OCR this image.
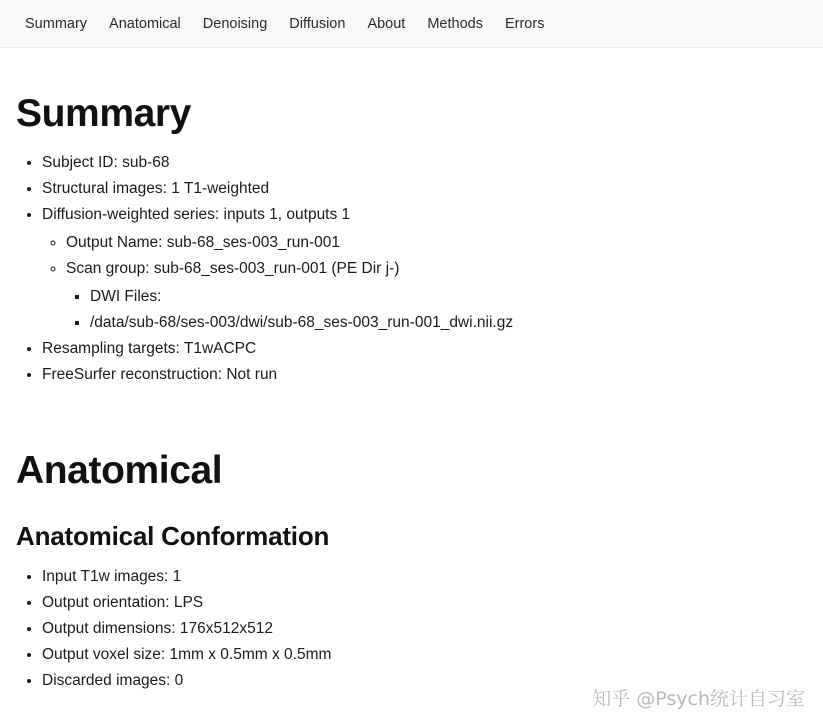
Summary	Anatomical	Denoising	Diffusion	About	Methods	Errors
Summary
• Subject ID: sub-68
• Structural images: 1 T1-weighted
• Diffusion-weighted series: inputs 1, outputs 1
◦ Output Name: sub-68_ses-003_run-001
◦ Scan group: sub-68_ses-003_run-001 (PE Dir j-)
▪ DWI Files:
▪ /data/sub-68/ses-003/dwi/sub-68_ses-003_run-001_dwi.nii.gz
• Resampling targets: T1wACPC
• FreeSurfer reconstruction: Not run
Anatomical
Anatomical Conformation
• Input T1w images: 1
• Output orientation: LPS
• Output dimensions: 176x512x512
• Output voxel size: 1mm x 0.5mm x 0.5mm
• Discarded images: 0
知乎 @Psych统计自习室
